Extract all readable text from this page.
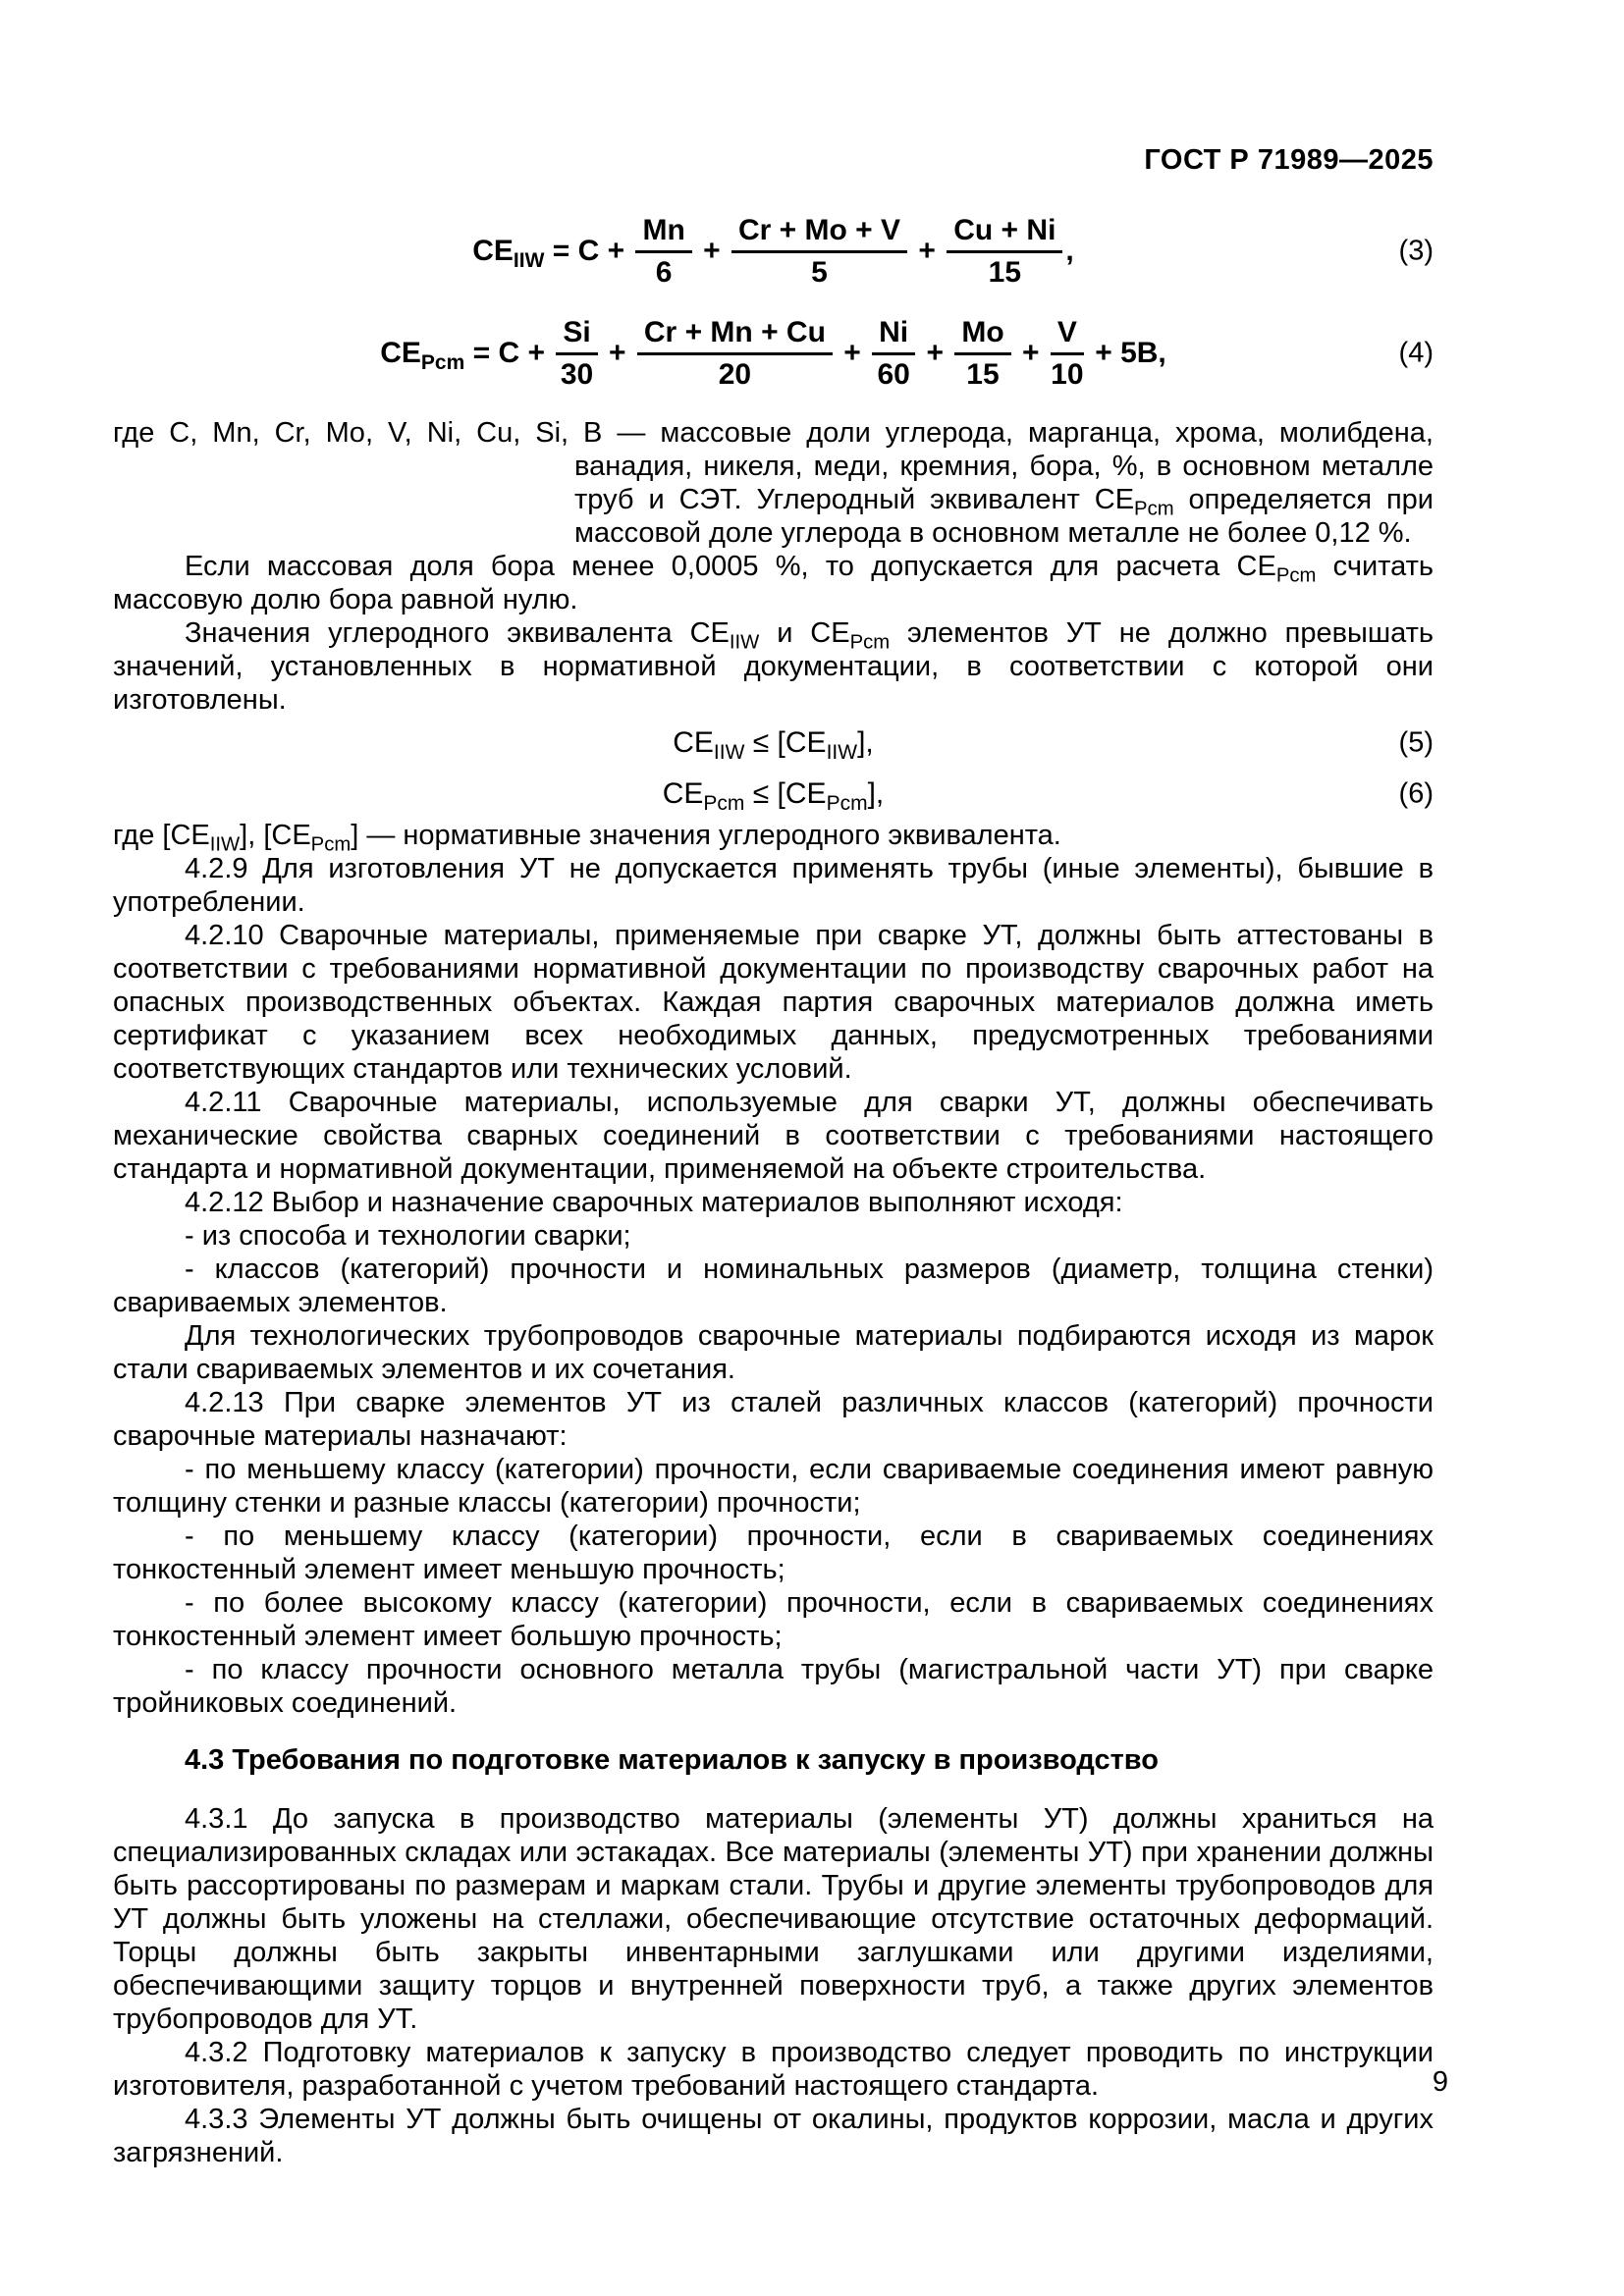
ГОСТ Р 71989—2025
$CE_{IIW} = C + \frac{Mn}{6} + \frac{Cr + Mo + V}{5} + \frac{Cu + Ni}{15}$ ,	(3)
$CE_{Pcm} = C + \frac{Si}{30} + \frac{Cr + Mn + Cu}{20} + \frac{Ni}{60} + \frac{Mo}{15} + \frac{V}{10} + 5B$,	(4)
где C, Mn, Cr, Mo, V, Ni, Cu, Si, B — массовые доли углерода, марганца, хрома, молибдена, ванадия, никеля, меди, кремния, бора, %, в основном металле труб и СЭТ. Углеродный эквивалент $CE_{Pcm}$ определяется при массовой доле углерода в основном металле не более 0,12 %.

Если массовая доля бора менее 0,0005 %, то допускается для расчета $CE_{Pcm}$ считать массовую долю бора равной нулю.

Значения углеродного эквивалента $CE_{IIW}$ и $CE_{Pcm}$ элементов УТ не должно превышать значений, установленных в нормативной документации, в соответствии с которой они изготовлены.

$CE_{IIW} \le [CE_{IIW}]$,	(5)
$CE_{Pcm} \le [CE_{Pcm}]$,	(6)

где $[CE_{IIW}]$, $[CE_{Pcm}]$ — нормативные значения углеродного эквивалента.

4.2.9 Для изготовления УТ не допускается применять трубы (иные элементы), бывшие в употреблении.

4.2.10 Сварочные материалы, применяемые при сварке УТ, должны быть аттестованы в соответствии с требованиями нормативной документации по производству сварочных работ на опасных производственных объектах. Каждая партия сварочных материалов должна иметь сертификат с указанием всех необходимых данных, предусмотренных требованиями соответствующих стандартов или технических условий.

4.2.11 Сварочные материалы, используемые для сварки УТ, должны обеспечивать механические свойства сварных соединений в соответствии с требованиями настоящего стандарта и нормативной документации, применяемой на объекте строительства.

4.2.12 Выбор и назначение сварочных материалов выполняют исходя:

- из способа и технологии сварки;

- классов (категорий) прочности и номинальных размеров (диаметр, толщина стенки) свариваемых элементов.

Для технологических трубопроводов сварочные материалы подбираются исходя из марок стали свариваемых элементов и их сочетания.

4.2.13 При сварке элементов УТ из сталей различных классов (категорий) прочности сварочные материалы назначают:

- по меньшему классу (категории) прочности, если свариваемые соединения имеют равную толщину стенки и разные классы (категории) прочности;

- по меньшему классу (категории) прочности, если в свариваемых соединениях тонкостенный элемент имеет меньшую прочность;

- по более высокому классу (категории) прочности, если в свариваемых соединениях тонкостенный элемент имеет большую прочность;

- по классу прочности основного металла трубы (магистральной части УТ) при сварке тройниковых соединений.

4.3 Требования по подготовке материалов к запуску в производство

4.3.1 До запуска в производство материалы (элементы УТ) должны храниться на специализированных складах или эстакадах. Все материалы (элементы УТ) при хранении должны быть рассортированы по размерам и маркам стали. Трубы и другие элементы трубопроводов для УТ должны быть уложены на стеллажи, обеспечивающие отсутствие остаточных деформаций. Торцы должны быть закрыты инвентарными заглушками или другими изделиями, обеспечивающими защиту торцов и внутренней поверхности труб, а также других элементов трубопроводов для УТ.

4.3.2 Подготовку материалов к запуску в производство следует проводить по инструкции изготовителя, разработанной с учетом требований настоящего стандарта.

4.3.3 Элементы УТ должны быть очищены от окалины, продуктов коррозии, масла и других загрязнений.

9
